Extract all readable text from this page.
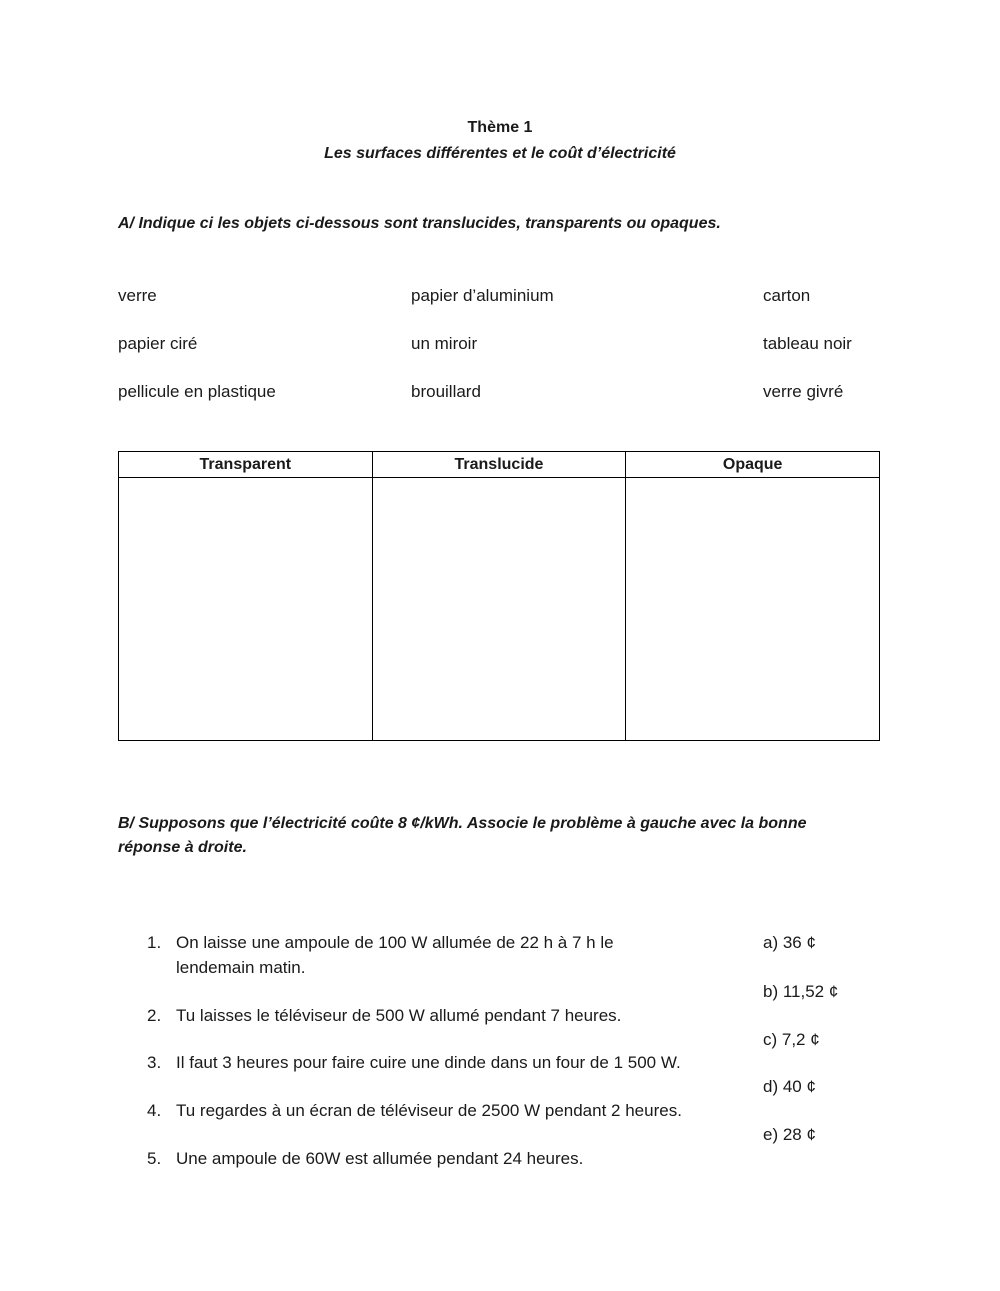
Thème 1
Les surfaces différentes et le coût d’électricité
A/ Indique ci les objets ci-dessous sont translucides, transparents ou opaques.
verre	papier d’aluminium	carton
papier ciré	un miroir	tableau noir
pellicule en plastique	brouillard	verre givré
Transparent	Translucide	Opaque

B/ Supposons que l’électricité coûte 8 ¢/kWh. Associe le problème à gauche avec la bonne
réponse à droite.
1. On laisse une ampoule de 100 W allumée de 22 h à 7 h le
lendemain matin.
2. Tu laisses le téléviseur de 500 W allumé pendant 7 heures.
3. Il faut 3 heures pour faire cuire une dinde dans un four de 1 500 W.
4. Tu regardes à un écran de téléviseur de 2500 W pendant 2 heures.
5. Une ampoule de 60W est allumée pendant 24 heures.
a) 36 ¢
b) 11,52 ¢
c) 7,2 ¢
d) 40 ¢
e) 28 ¢
